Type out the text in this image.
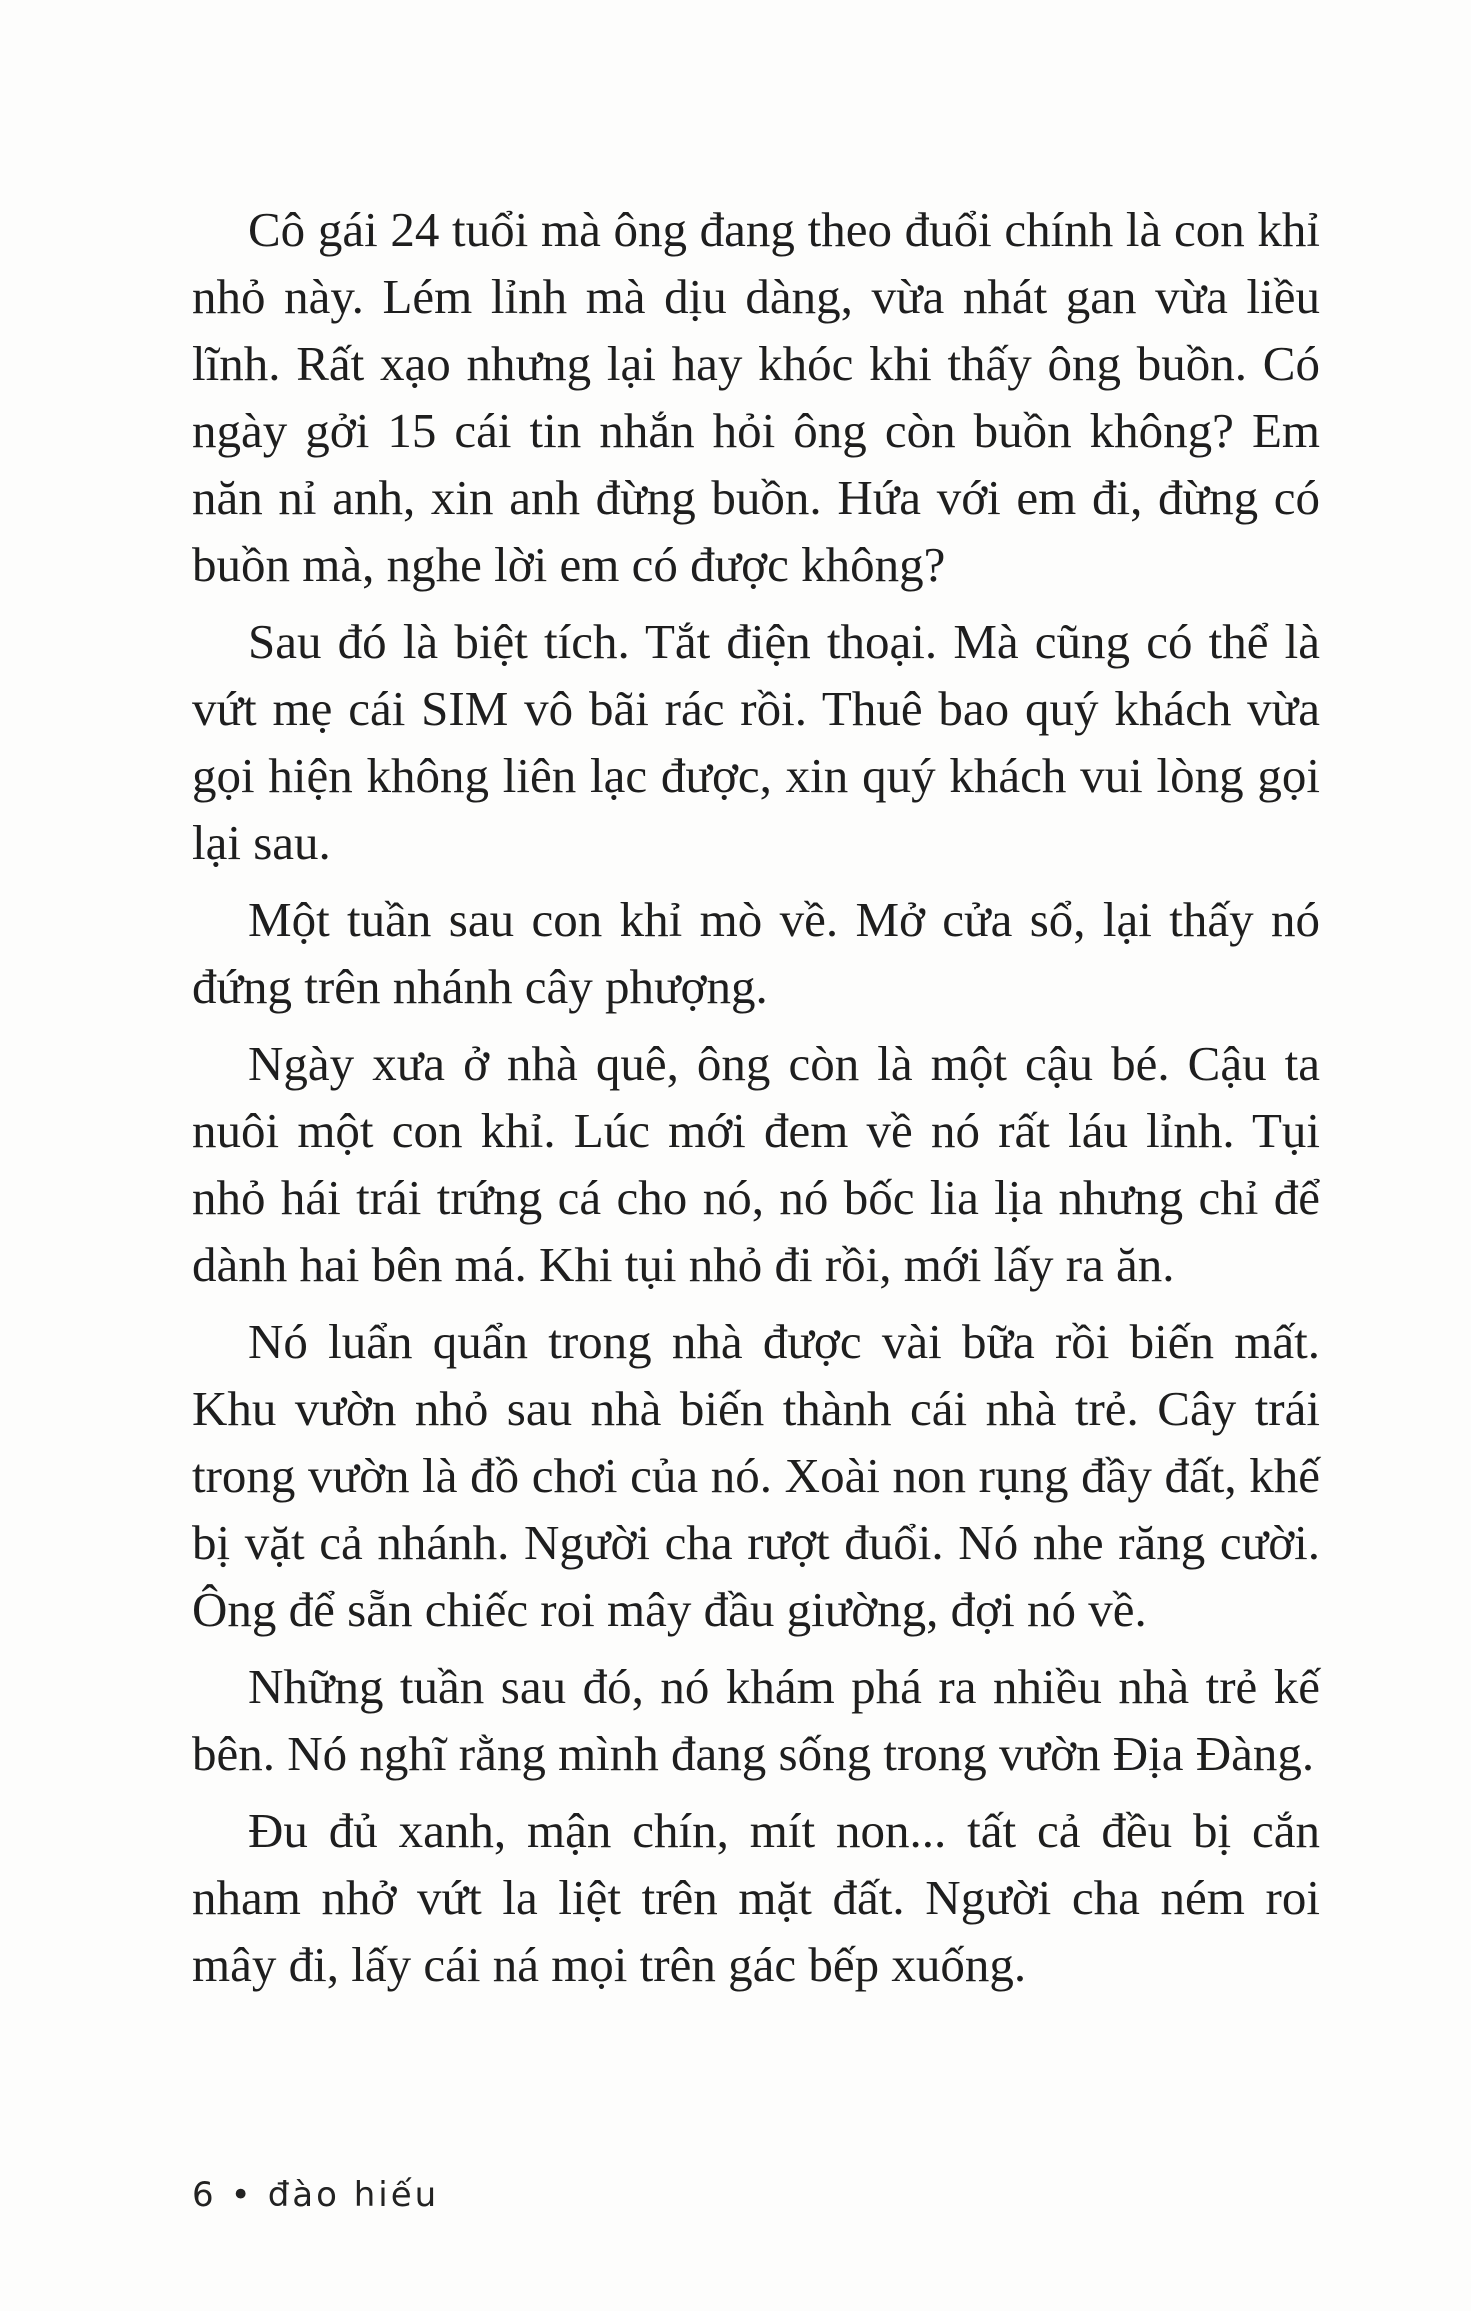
Cô gái 24 tuổi mà ông đang theo đuổi chính là con khỉ nhỏ này. Lém lỉnh mà dịu dàng, vừa nhát gan vừa liều lĩnh. Rất xạo nhưng lại hay khóc khi thấy ông buồn. Có ngày gởi 15 cái tin nhắn hỏi ông còn buồn không? Em năn nỉ anh, xin anh đừng buồn. Hứa với em đi, đừng có buồn mà, nghe lời em có được không?

Sau đó là biệt tích. Tắt điện thoại. Mà cũng có thể là vứt mẹ cái SIM vô bãi rác rồi. Thuê bao quý khách vừa gọi hiện không liên lạc được, xin quý khách vui lòng gọi lại sau.

Một tuần sau con khỉ mò về. Mở cửa sổ, lại thấy nó đứng trên nhánh cây phượng.

Ngày xưa ở nhà quê, ông còn là một cậu bé. Cậu ta nuôi một con khỉ. Lúc mới đem về nó rất láu lỉnh. Tụi nhỏ hái trái trứng cá cho nó, nó bốc lia lịa nhưng chỉ để dành hai bên má. Khi tụi nhỏ đi rồi, mới lấy ra ăn.

Nó luẩn quẩn trong nhà được vài bữa rồi biến mất. Khu vườn nhỏ sau nhà biến thành cái nhà trẻ. Cây trái trong vườn là đồ chơi của nó. Xoài non rụng đầy đất, khế bị vặt cả nhánh. Người cha rượt đuổi. Nó nhe răng cười. Ông để sẵn chiếc roi mây đầu giường, đợi nó về.

Những tuần sau đó, nó khám phá ra nhiều nhà trẻ kế bên. Nó nghĩ rằng mình đang sống trong vườn Địa Đàng.

Đu đủ xanh, mận chín, mít non... tất cả đều bị cắn nham nhở vứt la liệt trên mặt đất. Người cha ném roi mây đi, lấy cái ná mọi trên gác bếp xuống.

6 • đào hiếu
